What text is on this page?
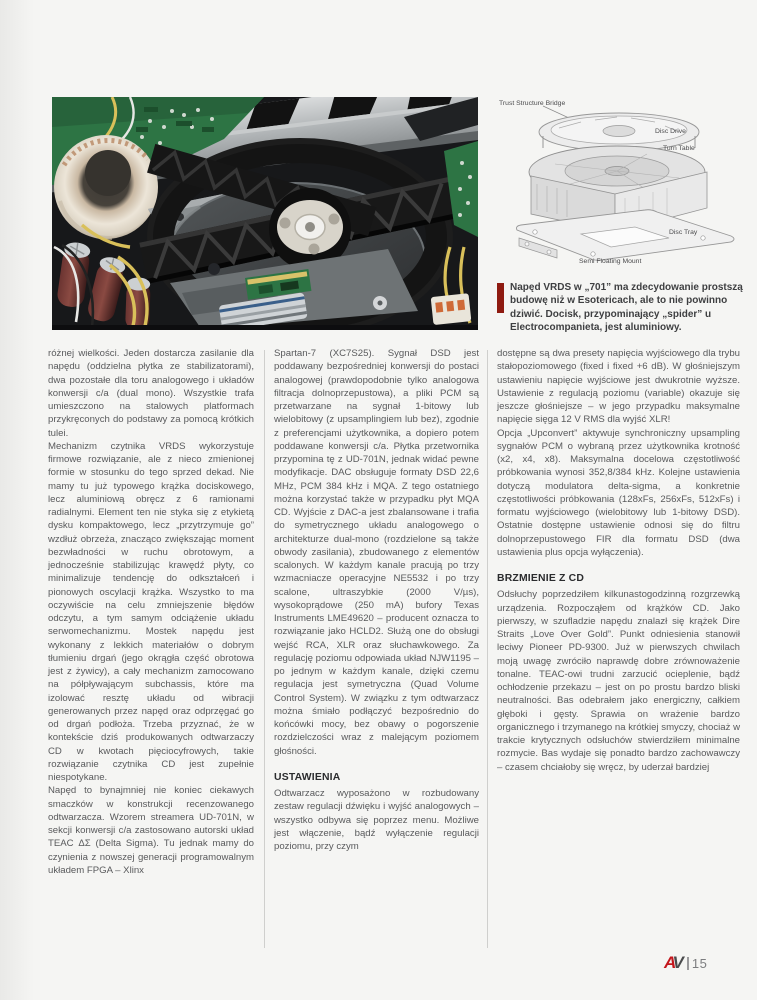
Trust Structure Bridge
Disc Drive
Turn Table
Disc Tray
Semi Floating Mount
Napęd VRDS w „701” ma zdecydowanie prostszą budowę niż w Esotericach, ale to nie powinno dziwić. Docisk, przypominający „spider” u Electrocompanieta, jest aluminiowy.

różnej wielkości. Jeden dostarcza zasilanie dla napędu (oddzielna płytka ze stabilizatorami), dwa pozostałe dla toru analogowego i układów konwersji c/a (dual mono). Wszystkie trafa umieszczono na stalowych platformach przykręconych do podstawy za pomocą krótkich tulei.

Mechanizm czytnika VRDS wykorzystuje firmowe rozwiązanie, ale z nieco zmienionej formie w stosunku do tego sprzed dekad. Nie mamy tu już typowego krążka dociskowego, lecz aluminiową obręcz z 6 ramionami radialnymi. Element ten nie styka się z etykietą dysku kompaktowego, lecz „przytrzymuje go” wzdłuż obrzeża, znacząco zwiększając moment bezwładności w ruchu obrotowym, a jednocześnie stabilizując krawędź płyty, co minimalizuje tendencję do odkształceń i pionowych oscylacji krążka. Wszystko to ma oczywiście na celu zmniejszenie błędów odczytu, a tym samym odciążenie układu serwomechanizmu. Mostek napędu jest wykonany z lekkich materiałów o dobrym tłumieniu drgań (jego okrągła część obrotowa jest z żywicy), a cały mechanizm zamocowano na półpływającym subchassis, które ma izolować resztę układu od wibracji generowanych przez napęd oraz odprzęgać go od drgań podłoża. Trzeba przyznać, że w kontekście dziś produkowanych odtwarzaczy CD w kwotach pięciocyfrowych, takie rozwiązanie czytnika CD jest zupełnie niespotykane.

Napęd to bynajmniej nie koniec ciekawych smaczków w konstrukcji recenzowanego odtwarzacza. Wzorem streamera UD-701N, w sekcji konwersji c/a zastosowano autorski układ TEAC ΔΣ (Delta Sigma). Tu jednak mamy do czynienia z nowszej generacji programowalnym układem FPGA – Xlinx

Spartan-7 (XC7S25). Sygnał DSD jest poddawany bezpośredniej konwersji do postaci analogowej (prawdopodobnie tylko analogowa filtracja dolnoprzepustowa), a pliki PCM są przetwarzane na sygnał 1-bitowy lub wielobitowy (z upsamplingiem lub bez), zgodnie z preferencjami użytkownika, a dopiero potem poddawane konwersji c/a. Płytka przetwornika przypomina tę z UD-701N, jednak widać pewne modyfikacje. DAC obsługuje formaty DSD 22,6 MHz, PCM 384 kHz i MQA. Z tego ostatniego można korzystać także w przypadku płyt MQA CD. Wyjście z DAC-a jest zbalansowane i trafia do symetrycznego układu analogowego o architekturze dual-mono (rozdzielone są także obwody zasilania), zbudowanego z elementów scalonych. W każdym kanale pracują po trzy wzmacniacze operacyjne NE5532 i po trzy scalone, ultraszybkie (2000 V/µs), wysokoprądowe (250 mA) bufory Texas Instruments LME49620 – producent oznacza to rozwiązanie jako HCLD2. Służą one do obsługi wejść RCA, XLR oraz słuchawkowego. Za regulację poziomu odpowiada układ NJW1195 – po jednym w każdym kanale, dzięki czemu regulacja jest symetryczna (Quad Volume Control System). W związku z tym odtwarzacz można śmiało podłączyć bezpośrednio do końcówki mocy, bez obawy o pogorszenie rozdzielczości wraz z malejącym poziomem głośności.

USTAWIENIA

Odtwarzacz wyposażono w rozbudowany zestaw regulacji dźwięku i wyjść analogowych – wszystko odbywa się poprzez menu. Możliwe jest włączenie, bądź wyłączenie regulacji poziomu, przy czym

dostępne są dwa presety napięcia wyjściowego dla trybu stałopoziomowego (fixed i fixed +6 dB). W głośniejszym ustawieniu napięcie wyjściowe jest dwukrotnie wyższe. Ustawienie z regulacją poziomu (variable) okazuje się jeszcze głośniejsze – w jego przypadku maksymalne napięcie sięga 12 V RMS dla wyjść XLR!

Opcja „Upconvert” aktywuje synchroniczny upsampling sygnałów PCM o wybraną przez użytkownika krotność (x2, x4, x8). Maksymalna docelowa częstotliwość próbkowania wynosi 352,8/384 kHz. Kolejne ustawienia dotyczą modulatora delta-sigma, a konkretnie częstotliwości próbkowania (128xFs, 256xFs, 512xFs) i formatu wyjściowego (wielobitowy lub 1-bitowy DSD). Ostatnie dostępne ustawienie odnosi się do filtru dolnoprzepustowego FIR dla formatu DSD (dwa ustawienia plus opcja wyłączenia).

BRZMIENIE Z CD

Odsłuchy poprzedziłem kilkunastogodzinną rozgrzewką urządzenia. Rozpocząłem od krążków CD. Jako pierwszy, w szufladzie napędu znalazł się krążek Dire Straits „Love Over Gold”. Punkt odniesienia stanowił leciwy Pioneer PD-9300. Już w pierwszych chwilach moją uwagę zwróciło naprawdę dobre zrównoważenie tonalne. TEAC-owi trudni zarzucić ocieplenie, bądź ochłodzenie przekazu – jest on po prostu bardzo bliski neutralności. Bas odebrałem jako energiczny, całkiem głęboki i gęsty. Sprawia on wrażenie bardzo organicznego i trzymanego na krótkiej smyczy, chociaż w trakcie krytycznych odsłuchów stwierdziłem minimalne rozmycie. Bas wydaje się ponadto bardzo zachowawczy – czasem chciałoby się wręcz, by uderzał bardziej

AV 15
